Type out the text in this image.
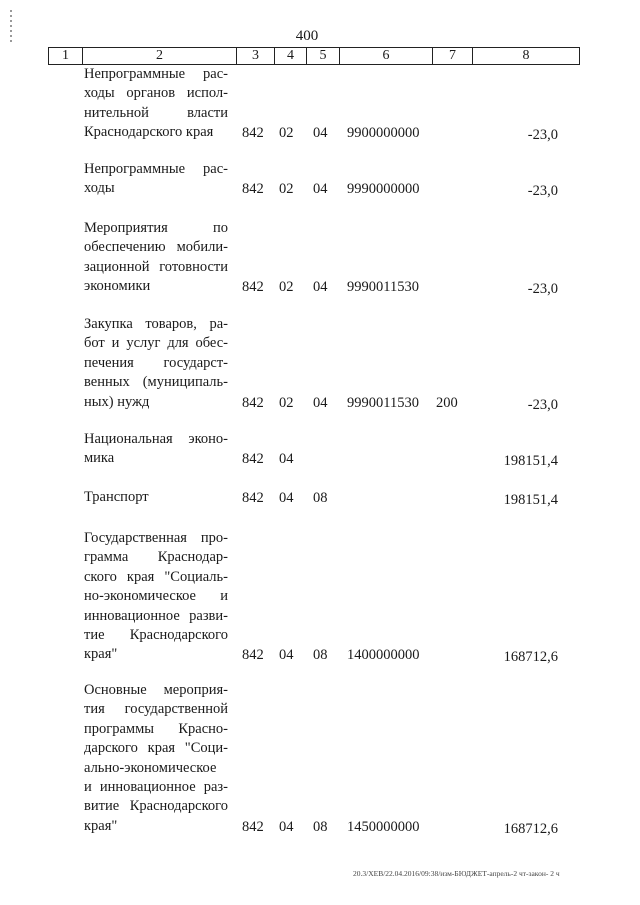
400
1	2	3	4	5	6	7	8
Непрограммные рас-
ходы органов испол-
нительной власти
Краснодарского края	842 02 04 9900000000	-23,0
Непрограммные рас-
ходы	842 02 04 9990000000	-23,0
Мероприятия по
обеспечению мобили-
зационной готовности
экономики	842 02 04 9990011530	-23,0
Закупка товаров, ра-
бот и услуг для обес-
печения государст-
венных (муниципаль-
ных) нужд	842 02 04 9990011530 200	-23,0
Национальная эконо-
мика	842 04	198151,4
Транспорт	842 04 08	198151,4
Государственная про-
грамма Краснодар-
ского края "Социаль-
но-экономическое и
инновационное разви-
тие Краснодарского
края"	842 04 08 1400000000	168712,6
Основные мероприя-
тия государственной
программы Красно-
дарского края "Соци-
ально-экономическое
и инновационное раз-
витие Краснодарского
края"	842 04 08 1450000000	168712,6
20.3/XEB/22.04.2016/09:38/изм-БЮДЖЕТ-апрель-2 чт-закон- 2 ч
